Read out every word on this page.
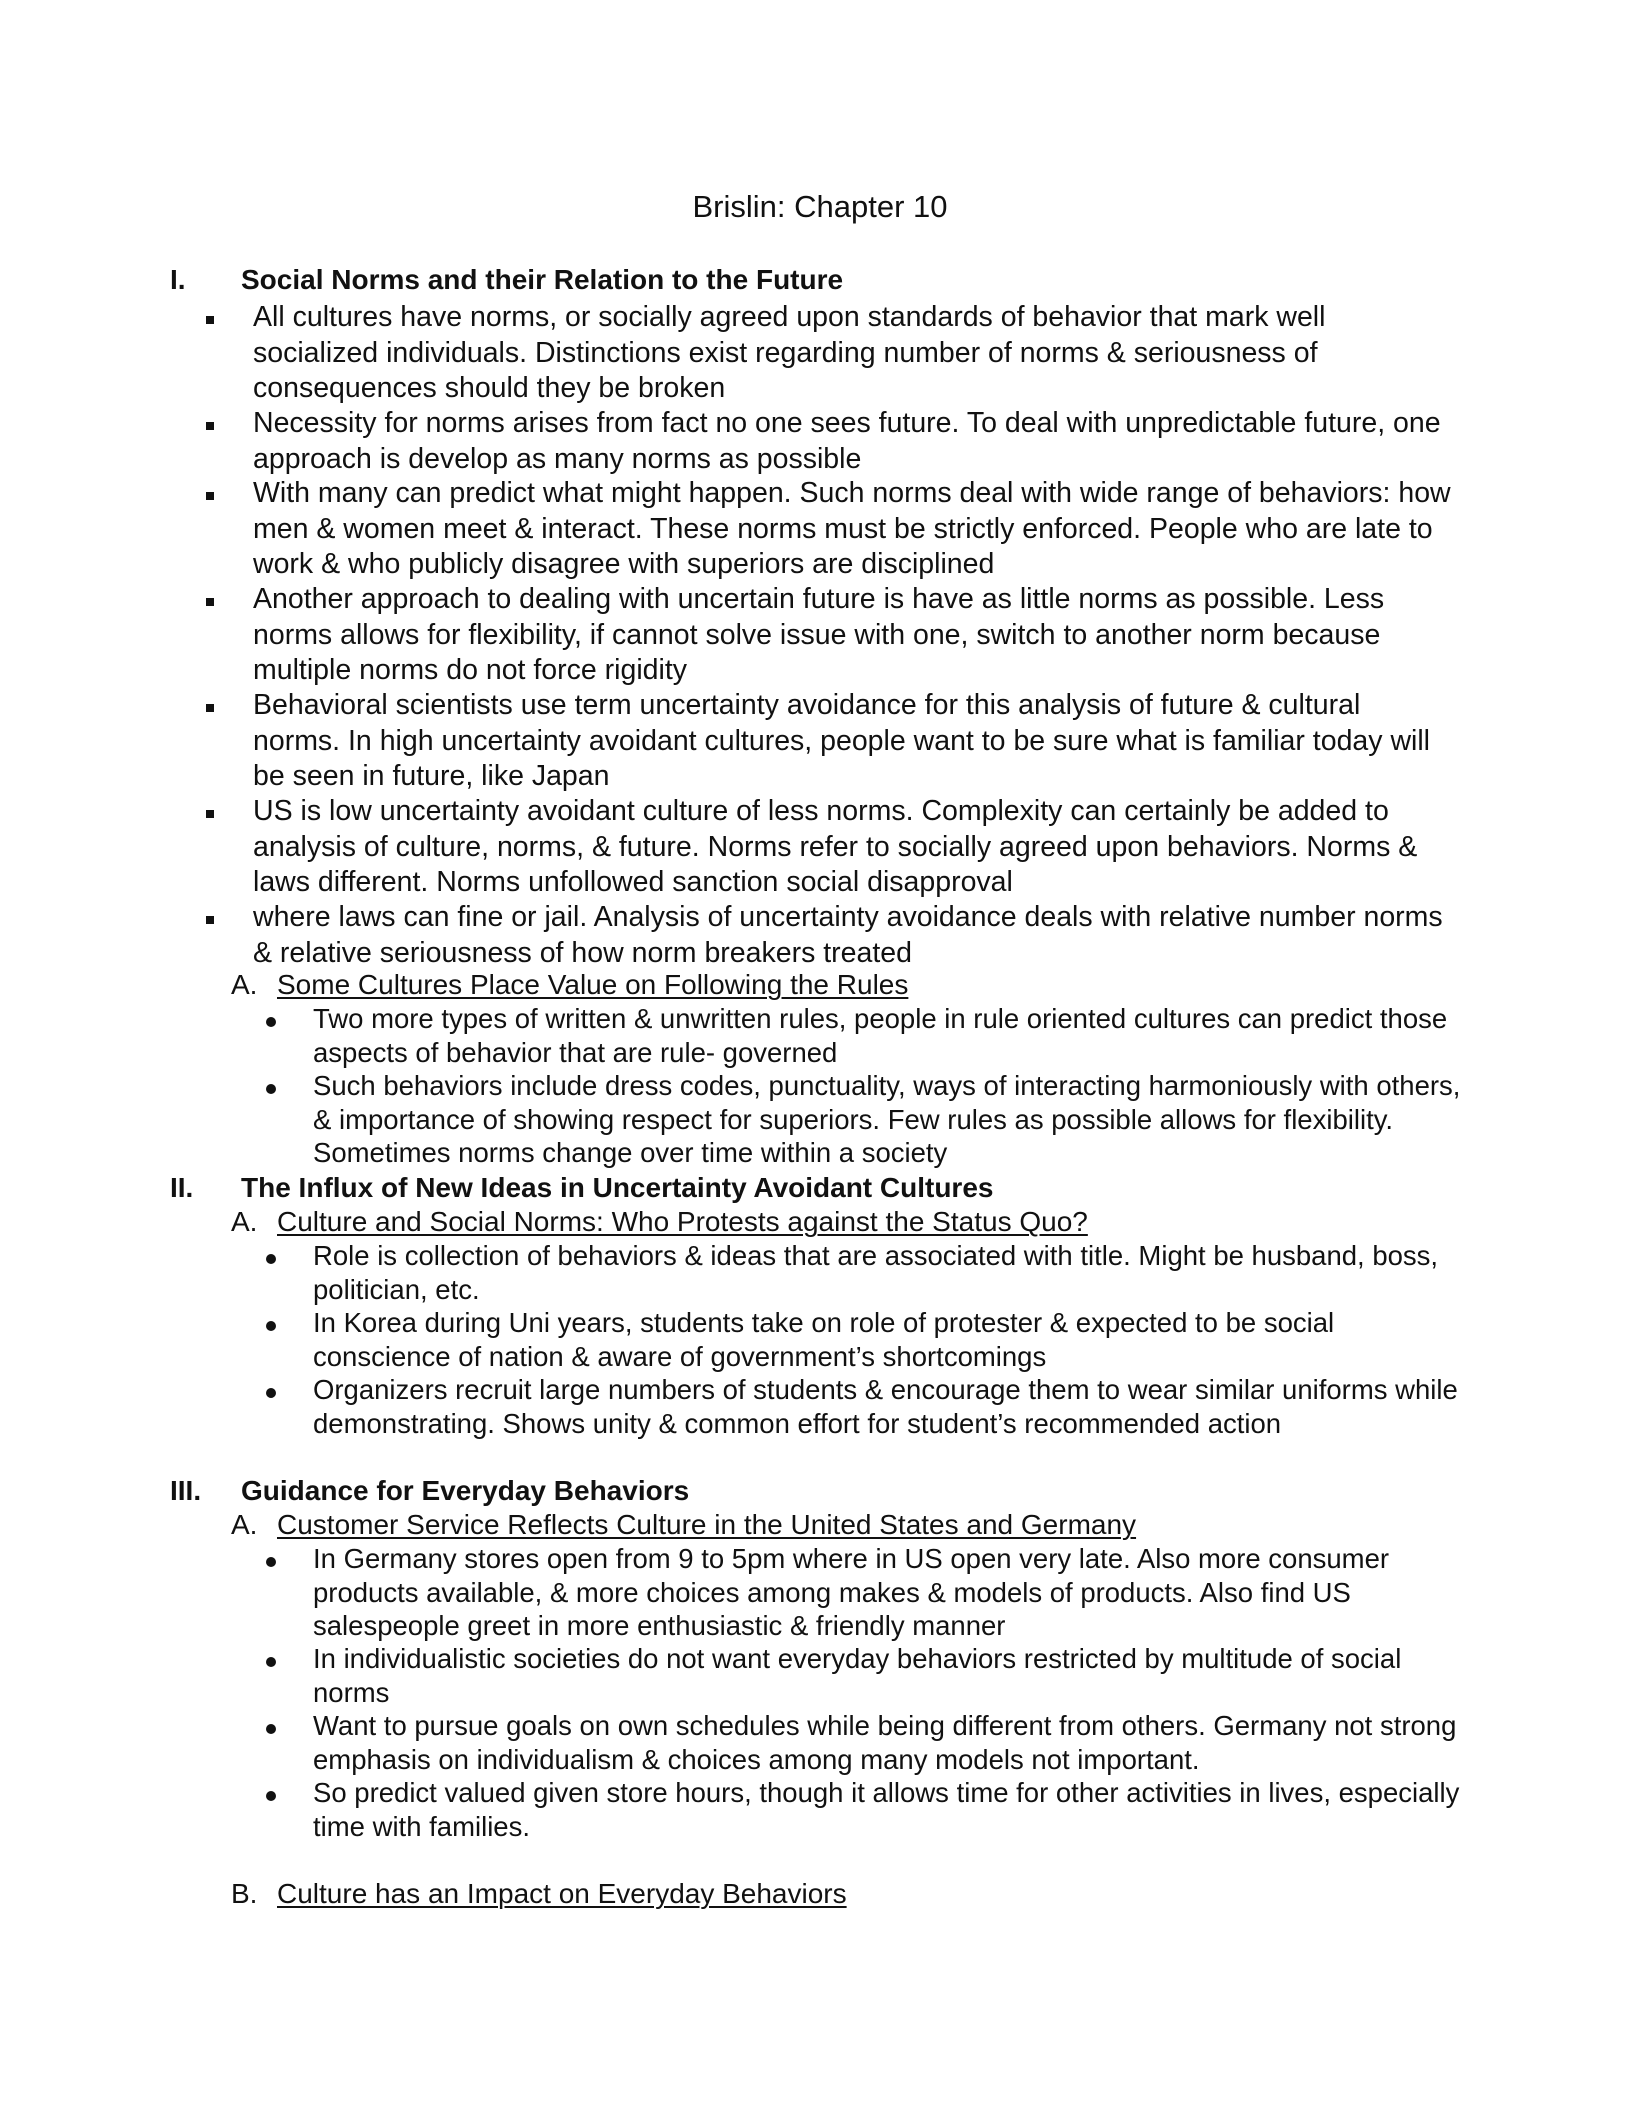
Brislin: Chapter 10
I. Social Norms and their Relation to the Future
All cultures have norms, or socially agreed upon standards of behavior that mark well socialized individuals. Distinctions exist regarding number of norms & seriousness of consequences should they be broken
Necessity for norms arises from fact no one sees future. To deal with unpredictable future, one approach is develop as many norms as possible
With many can predict what might happen. Such norms deal with wide range of behaviors: how men & women meet & interact. These norms must be strictly enforced. People who are late to work & who publicly disagree with superiors are disciplined
Another approach to dealing with uncertain future is have as little norms as possible. Less norms allows for flexibility, if cannot solve issue with one, switch to another norm because multiple norms do not force rigidity
Behavioral scientists use term uncertainty avoidance for this analysis of future & cultural norms. In high uncertainty avoidant cultures, people want to be sure what is familiar today will be seen in future, like Japan
US is low uncertainty avoidant culture of less norms. Complexity can certainly be added to analysis of culture, norms, & future. Norms refer to socially agreed upon behaviors. Norms & laws different. Norms unfollowed sanction social disapproval
where laws can fine or jail. Analysis of uncertainty avoidance deals with relative number norms & relative seriousness of how norm breakers treated
A. Some Cultures Place Value on Following the Rules
Two more types of written & unwritten rules, people in rule oriented cultures can predict those aspects of behavior that are rule- governed
Such behaviors include dress codes, punctuality, ways of interacting harmoniously with others, & importance of showing respect for superiors. Few rules as possible allows for flexibility. Sometimes norms change over time within a society
II. The Influx of New Ideas in Uncertainty Avoidant Cultures
A. Culture and Social Norms: Who Protests against the Status Quo?
Role is collection of behaviors & ideas that are associated with title. Might be husband, boss, politician, etc.
In Korea during Uni years, students take on role of protester & expected to be social conscience of nation & aware of government’s shortcomings
Organizers recruit large numbers of students & encourage them to wear similar uniforms while demonstrating. Shows unity & common effort for student’s recommended action
III. Guidance for Everyday Behaviors
A. Customer Service Reflects Culture in the United States and Germany
In Germany stores open from 9 to 5pm where in US open very late. Also more consumer products available, & more choices among makes & models of products. Also find US salespeople greet in more enthusiastic & friendly manner
In individualistic societies do not want everyday behaviors restricted by multitude of social norms
Want to pursue goals on own schedules while being different from others. Germany not strong emphasis on individualism & choices among many models not important.
So predict valued given store hours, though it allows time for other activities in lives, especially time with families.
B. Culture has an Impact on Everyday Behaviors
